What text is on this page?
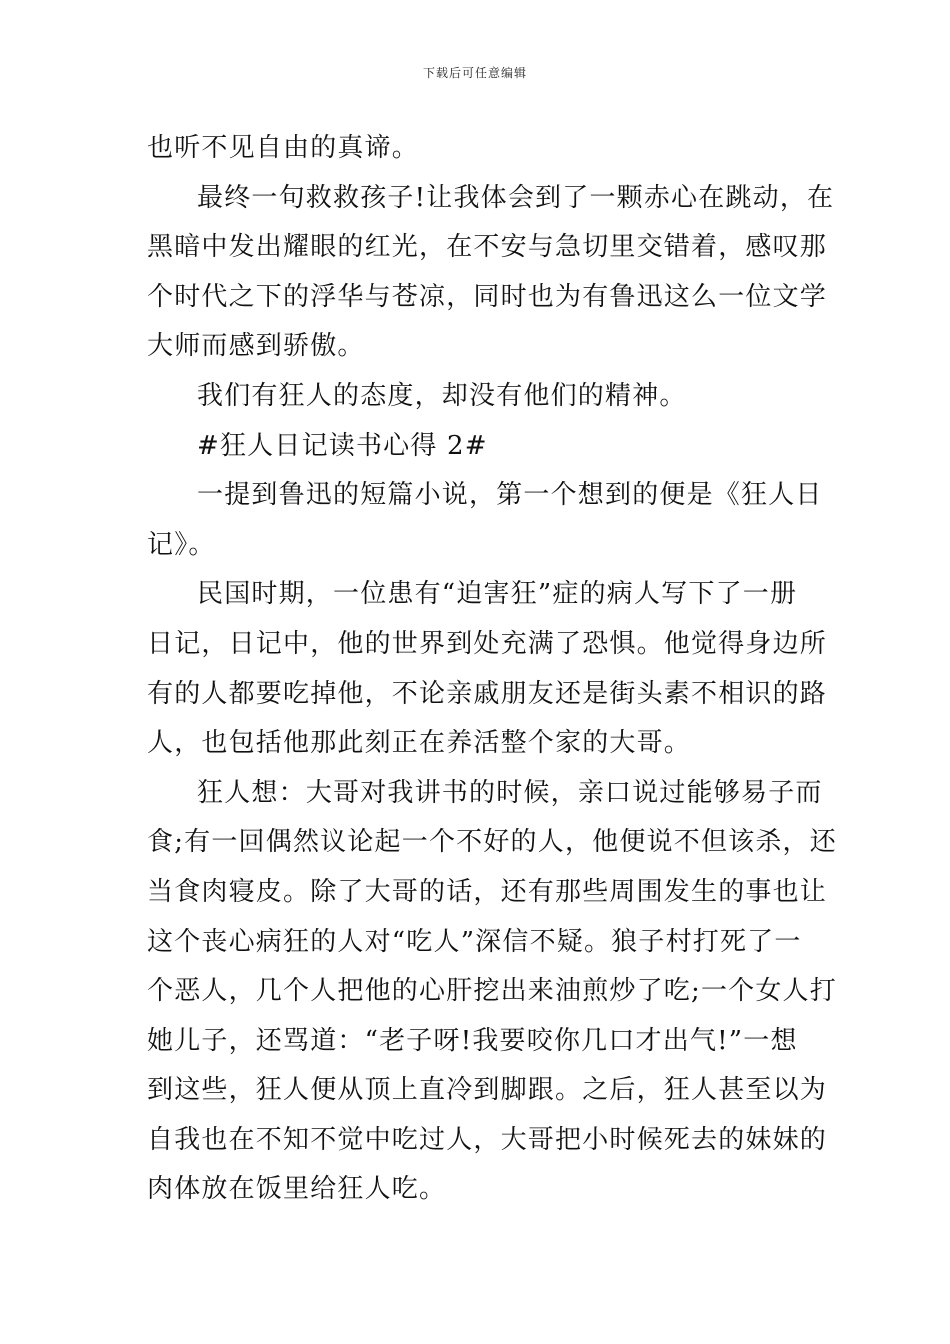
下载后可任意编辑
也听不见自由的真谛。
最终一句救救孩子!让我体会到了一颗赤心在跳动，在
黑暗中发出耀眼的红光，在不安与急切里交错着，感叹那
个时代之下的浮华与苍凉，同时也为有鲁迅这么一位文学
大师而感到骄傲。
我们有狂人的态度，却没有他们的精神。
#狂人日记读书心得 2#
一提到鲁迅的短篇小说，第一个想到的便是《狂人日
记》。
民国时期，一位患有“迫害狂”症的病人写下了一册
日记，日记中，他的世界到处充满了恐惧。他觉得身边所
有的人都要吃掉他，不论亲戚朋友还是街头素不相识的路
人，也包括他那此刻正在养活整个家的大哥。
狂人想：大哥对我讲书的时候，亲口说过能够易子而
食;有一回偶然议论起一个不好的人，他便说不但该杀，还
当食肉寝皮。除了大哥的话，还有那些周围发生的事也让
这个丧心病狂的人对“吃人”深信不疑。狼子村打死了一
个恶人，几个人把他的心肝挖出来油煎炒了吃;一个女人打
她儿子，还骂道：“老子呀!我要咬你几口才出气!”一想
到这些，狂人便从顶上直冷到脚跟。之后，狂人甚至以为
自我也在不知不觉中吃过人，大哥把小时候死去的妹妹的
肉体放在饭里给狂人吃。
